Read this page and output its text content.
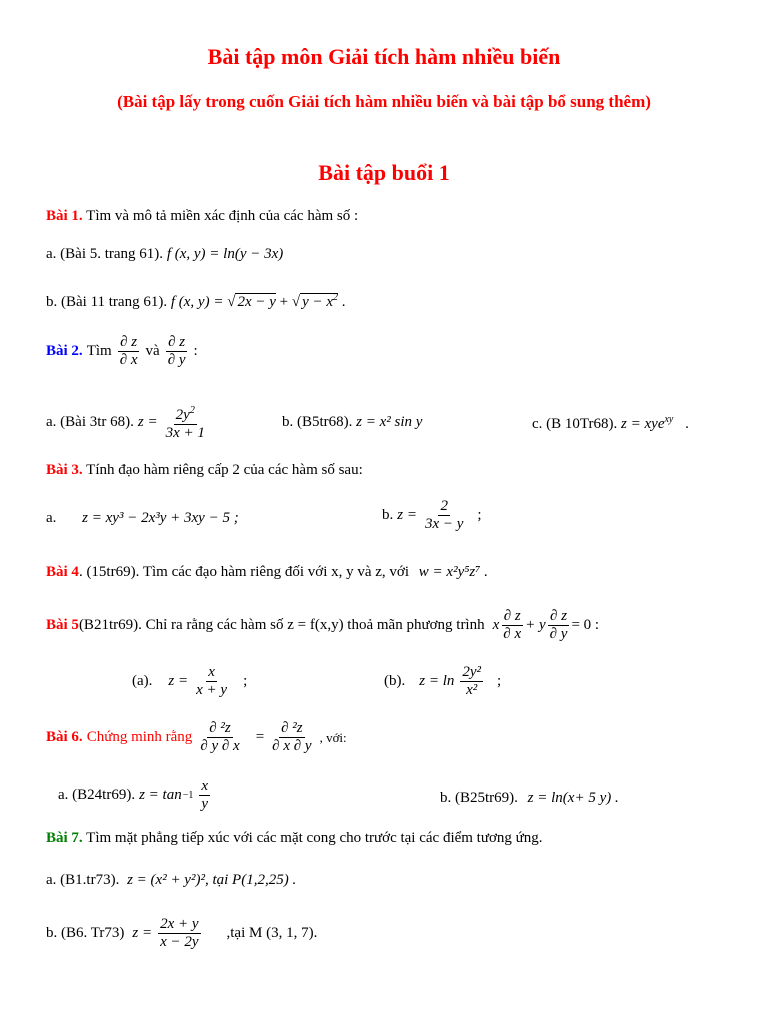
Bài tập môn Giải tích hàm nhiều biến
(Bài tập lấy trong cuốn Giải tích hàm nhiều biến và bài tập bổ sung thêm)
Bài tập buổi 1
Bài 1. Tìm và mô tả miền xác định của các hàm số :
a. (Bài 5. trang 61). f (x, y) = ln(y − 3x)
b. (Bài 11 trang 61). f (x, y) = √ 2x − y + √ $y - x^2$ .
Bài 2. Tìm $\frac{\partial z}{\partial x}$ và $\frac{\partial z}{\partial y}$ :
a. (Bài 3tr 68). $z = \frac{2y^2}{3x + 1}$	b. (B5tr68). z = x² sin y	c. (B 10Tr68). z = xye$^{xy}$ .
Bài 3. Tính đạo hàm riêng cấp 2 của các hàm số sau:
a. z = xy³ − 2x³y + 3xy − 5 ;	b. $z = \frac{2}{3x - y}$ ;
Bài 4. (15tr69). Tìm các đạo hàm riêng đối với x, y và z, với w = x²y⁵z⁷ .
Bài 5 (B21tr69). Chỉ ra rằng các hàm số z = f(x,y) thoả mãn phương trình x $\frac{\partial z}{\partial x} + y \frac{\partial z}{\partial y} = 0$ :
(a). $z = \frac{x}{x + y}$ ;	(b). $z = \ln \frac{\text{2y²}}{\text{x²}}$ ;
Bài 6. Chứng minh rằng $\frac{\text{∂ ²z}}{\partial y \partial x} = \frac{\text{∂ ²z}}{\partial x \partial y}$ , với:
a. (B24tr69). $z = \tan -1 \frac{x}{y}$	b. (B25tr69). z = ln(x+ 5 y) .
Bài 7. Tìm mặt phẳng tiếp xúc với các mặt cong cho trước tại các điểm tương ứng.
a. (B1.tr73). z = (x² + y²)², tại P(1,2,25) .
b. (B6. Tr73) $z = \frac{2x + y}{x - 2y}$ ,tại M (3, 1, 7).
